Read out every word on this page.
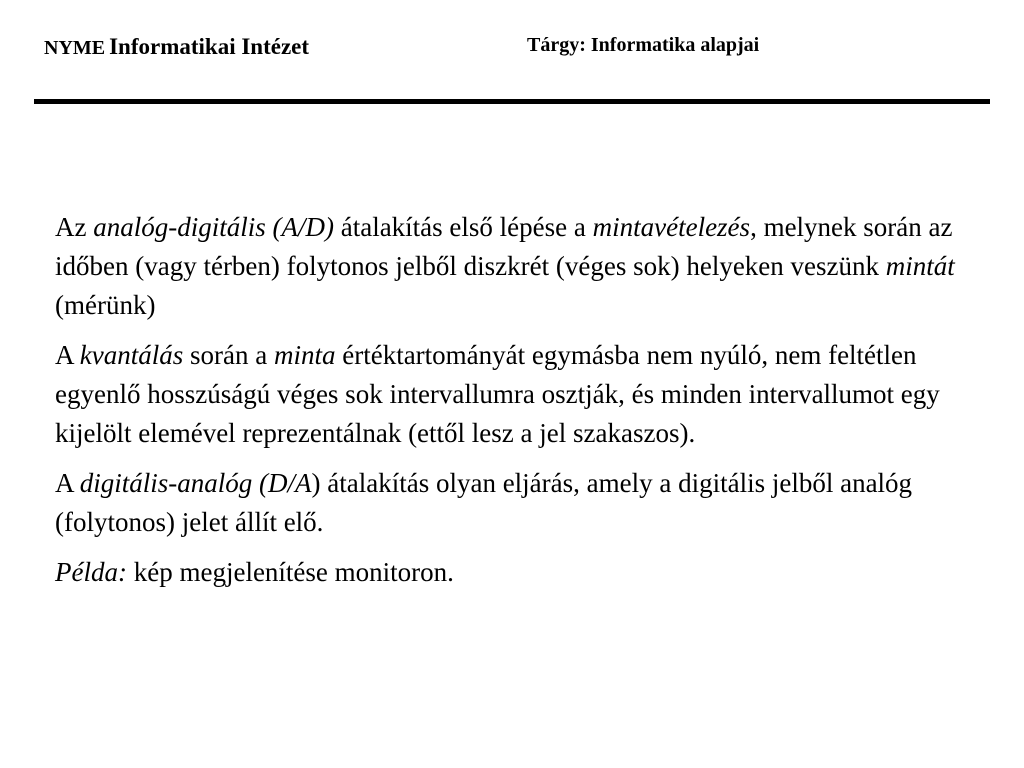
NYME Informatikai Intézet	Tárgy: Informatika alapjai

Az analóg-digitális (A/D) átalakítás első lépése a mintavételezés, melynek során az időben (vagy térben) folytonos jelből diszkrét (véges sok) helyeken veszünk mintát (mérünk)

A kvantálás során a minta értéktartományát egymásba nem nyúló, nem feltétlen egyenlő hosszúságú véges sok intervallumra osztják, és minden intervallumot egy kijelölt elemével reprezentálnak (ettől lesz a jel szakaszos).

A digitális-analóg (D/A) átalakítás olyan eljárás, amely a digitális jelből analóg (folytonos) jelet állít elő.

Példa: kép megjelenítése monitoron.
